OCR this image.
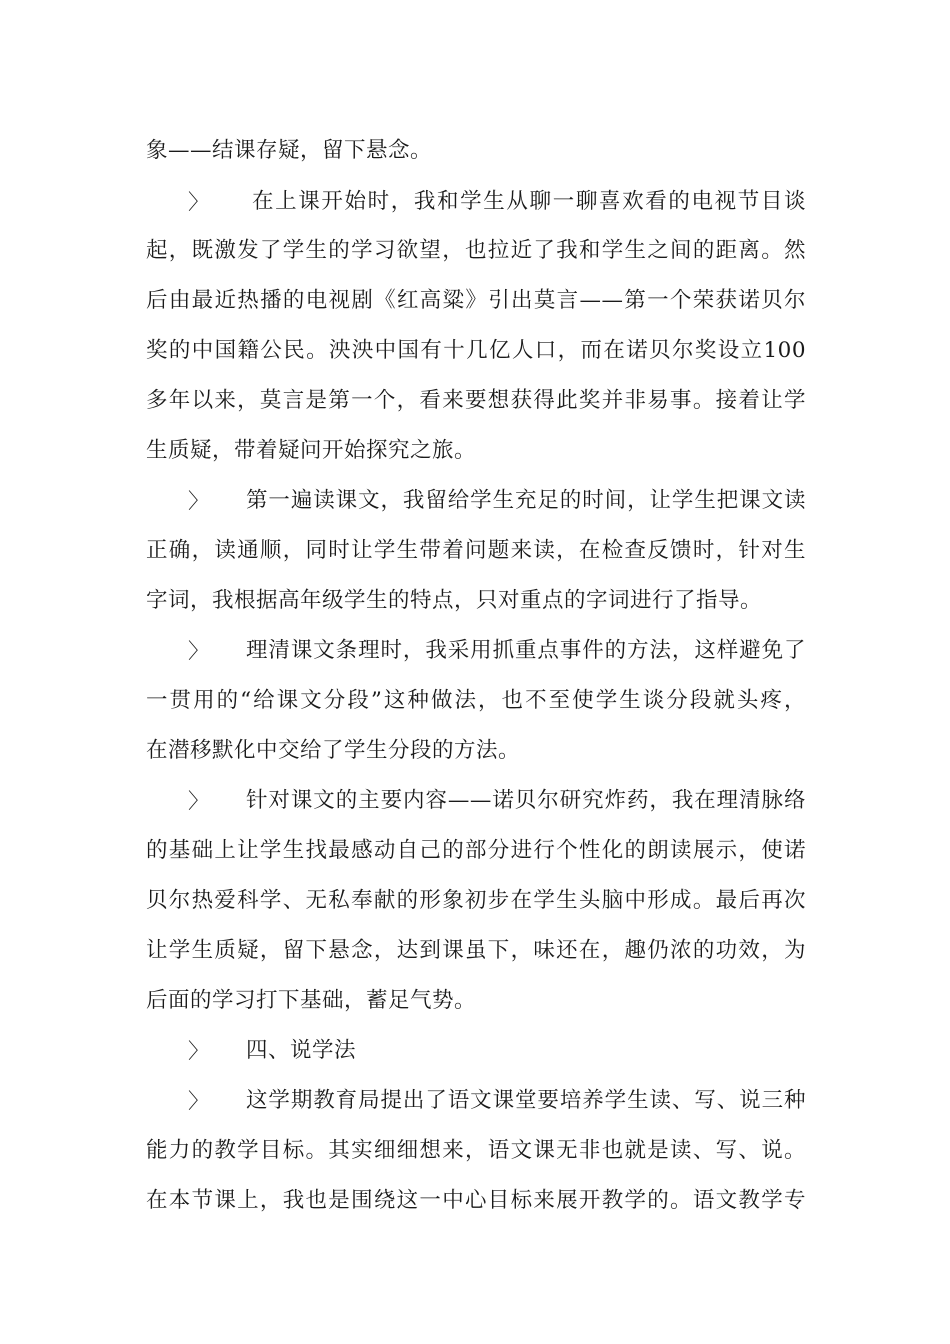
象——结课存疑，留下悬念。
〉 在上课开始时，我和学生从聊一聊喜欢看的电视节目谈
起，既激发了学生的学习欲望，也拉近了我和学生之间的距离。然
后由最近热播的电视剧《红高粱》引出莫言——第一个荣获诺贝尔
奖的中国籍公民。泱泱中国有十几亿人口，而在诺贝尔奖设立100
多年以来，莫言是第一个，看来要想获得此奖并非易事。接着让学
生质疑，带着疑问开始探究之旅。
〉 第一遍读课文，我留给学生充足的时间，让学生把课文读
正确，读通顺，同时让学生带着问题来读，在检查反馈时，针对生
字词，我根据高年级学生的特点，只对重点的字词进行了指导。
〉 理清课文条理时，我采用抓重点事件的方法，这样避免了
一贯用的“给课文分段”这种做法，也不至使学生谈分段就头疼，
在潜移默化中交给了学生分段的方法。
〉 针对课文的主要内容——诺贝尔研究炸药，我在理清脉络
的基础上让学生找最感动自己的部分进行个性化的朗读展示，使诺
贝尔热爱科学、无私奉献的形象初步在学生头脑中形成。最后再次
让学生质疑，留下悬念，达到课虽下，味还在，趣仍浓的功效，为
后面的学习打下基础，蓄足气势。
〉 四、说学法
〉 这学期教育局提出了语文课堂要培养学生读、写、说三种
能力的教学目标。其实细细想来，语文课无非也就是读、写、说。
在本节课上，我也是围绕这一中心目标来展开教学的。语文教学专
